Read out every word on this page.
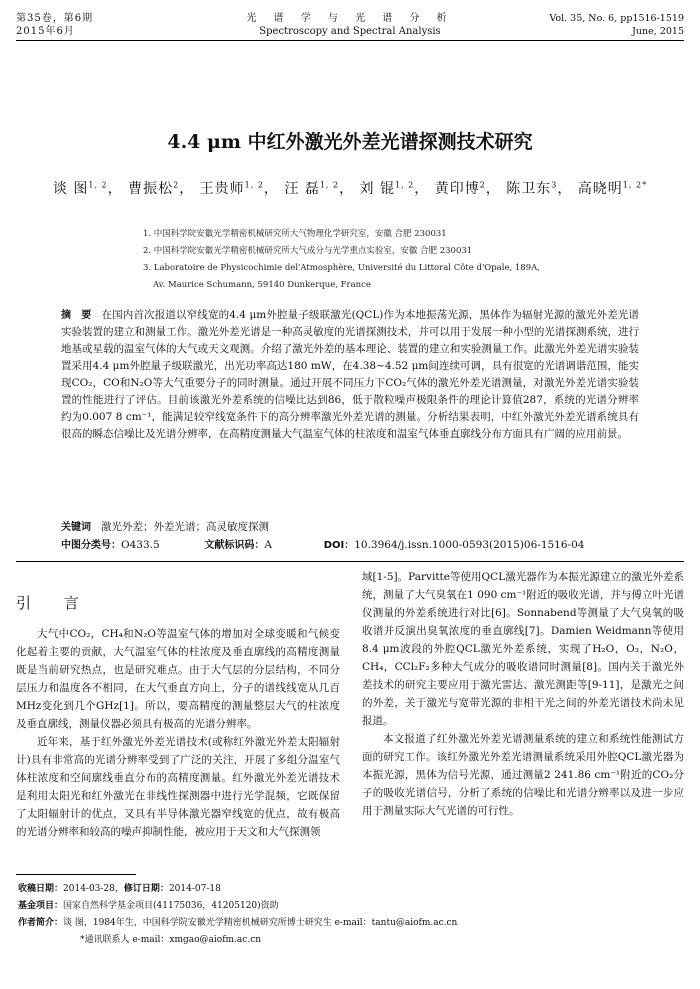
第35卷，第6期
2015年6月
光 谱 学 与 光 谱 分 析
Spectroscopy and Spectral Analysis
Vol. 35, No. 6, pp1516-1519
June, 2015
4.4 μm 中红外激光外差光谱探测技术研究
谈 图$^{1, 2}$， 曹振松$^2$， 王贵师$^{1, 2}$， 汪 磊$^{1, 2}$， 刘 锟$^{1, 2}$， 黄印博$^2$， 陈卫东$^3$， 高晓明$^{1, 2*}$
1. 中国科学院安徽光学精密机械研究所大气物理化学研究室，安徽 合肥 230031
2. 中国科学院安徽光学精密机械研究所大气成分与光学重点实验室，安徽 合肥 230031
3. Laboratoire de Physicochimie del'Atmosphère, Université du Littoral Côte d'Opale, 189A,
Av. Maurice Schumann, 59140 Dunkerque, France
摘　要 在国内首次报道以窄线宽的4.4 μm外腔量子级联激光(QCL)作为本地振荡光源，黑体作为辐射光源的激光外差光谱实验装置的建立和测量工作。激光外差光谱是一种高灵敏度的光谱探测技术，并可以用于发展一种小型的光谱探测系统，进行地基或星载的温室气体的大气或天文观测。介绍了激光外差的基本理论、装置的建立和实验测量工作。此激光外差光谱实验装置采用4.4 μm外腔量子级联激光，出光功率高达180 mW，在4.38~4.52 μm间连续可调，具有很宽的光谱调谐范围，能实现CO₂，CO和N₂O等大气重要分子的同时测量。通过开展不同压力下CO₂气体的激光外差光谱测量，对激光外差光谱实验装置的性能进行了评估。目前该激光外差系统的信噪比达到86，低于散粒噪声极限条件的理论计算值287，系统的光谱分辨率约为0.007 8 cm⁻¹，能满足较窄线宽条件下的高分辨率激光外差光谱的测量。分析结果表明，中红外激光外差光谱系统具有很高的瞬态信噪比及光谱分辨率，在高精度测量大气温室气体的柱浓度和温室气体垂直廓线分布方面具有广阔的应用前景。
关键词 激光外差；外差光谱；高灵敏度探测
中图分类号：O433.5	文献标识码：A	DOI：10.3964/j.issn.1000-0593(2015)06-1516-04
引 言

大气中CO₂，CH₄和N₂O等温室气体的增加对全球变暖和气候变化起着主要的贡献，大气温室气体的柱浓度及垂直廓线的高精度测量既是当前研究热点，也是研究难点。由于大气层的分层结构，不同分层压力和温度各不相同，在大气垂直方向上，分子的谱线线宽从几百MHz变化到几个GHz[1]。所以，要高精度的测量整层大气的柱浓度及垂直廓线，测量仪器必须具有极高的光谱分辨率。

近年来，基于红外激光外差光谱技术(或称红外激光外差太阳辐射计)具有非常高的光谱分辨率受到了广泛的关注，开展了多组分温室气体柱浓度和空间廓线垂直分布的高精度测量。红外激光外差光谱技术是利用太阳光和红外激光在非线性探测器中进行光学混频，它既保留了太阳辐射计的优点，又具有半导体激光器窄线宽的优点，故有极高的光谱分辨率和较高的噪声抑制性能，被应用于天文和大气探测领

域[1-5]。Parvitte等使用QCL激光器作为本振光源建立的激光外差系统，测量了大气臭氧在1 090 cm⁻¹附近的吸收光谱，并与傅立叶光谱仪测量的外差系统进行对比[6]。Sonnabend等测量了大气臭氧的吸收谱并反演出臭氧浓度的垂直廓线[7]。Damien Weidmann等使用8.4 μm波段的外腔QCL激光外差系统，实现了H₂O，O₃，N₂O，CH₄，CCl₂F₂多种大气成分的吸收谱同时测量[8]。国内关于激光外差技术的研究主要应用于激光雷达、激光测距等[9-11]，是激光之间的外差，关于激光与宽带光源的非相干光之间的外差光谱技术尚未见报道。

本文报道了红外激光外差光谱测量系统的建立和系统性能测试方面的研究工作。该红外激光外差光谱测量系统采用外腔QCL激光器为本振光源，黑体为信号光源，通过测量2 241.86 cm⁻¹附近的CO₂分子的吸收光谱信号，分析了系统的信噪比和光谱分辨率以及进一步应用于测量实际大气光谱的可行性。

收稿日期：2014-03-28，修订日期：2014-07-18
基金项目：国家自然科学基金项目(41175036，41205120)资助
作者简介：谈 图，1984年生，中国科学院安徽光学精密机械研究所博士研究生 e-mail：tantu@aiofm.ac.cn
*通讯联系人 e-mail：xmgao@aiofm.ac.cn
